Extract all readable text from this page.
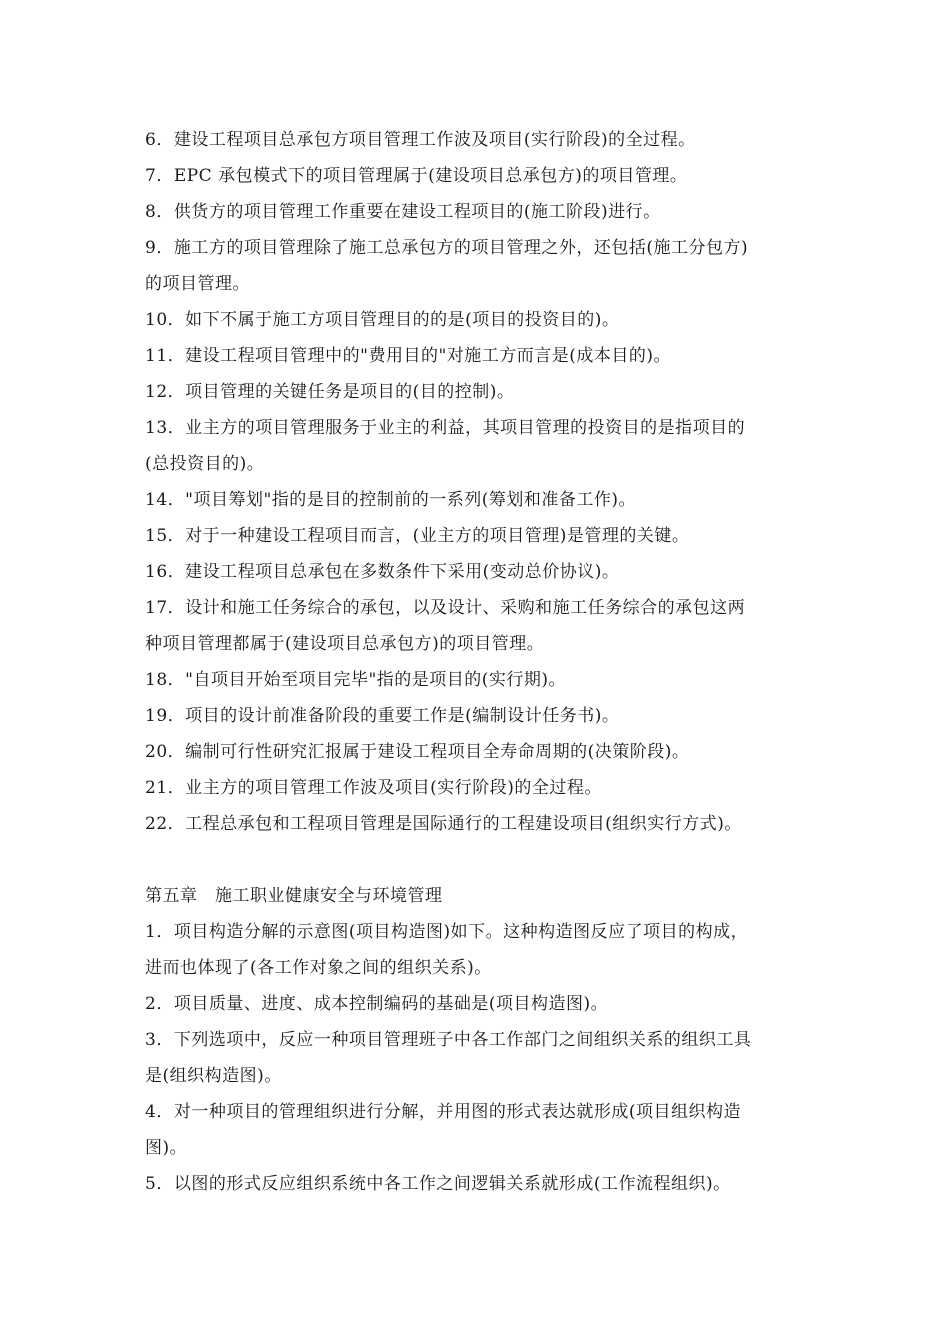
6．建设工程项目总承包方项目管理工作波及项目(实行阶段)的全过程。
7．EPC 承包模式下的项目管理属于(建设项目总承包方)的项目管理。
8．供货方的项目管理工作重要在建设工程项目的(施工阶段)进行。
9．施工方的项目管理除了施工总承包方的项目管理之外，还包括(施工分包方)
的项目管理。
10．如下不属于施工方项目管理目的的是(项目的投资目的)。
11．建设工程项目管理中的"费用目的"对施工方而言是(成本目的)。
12．项目管理的关键任务是项目的(目的控制)。
13．业主方的项目管理服务于业主的利益，其项目管理的投资目的是指项目的
(总投资目的)。
14．"项目筹划"指的是目的控制前的一系列(筹划和准备工作)。
15．对于一种建设工程项目而言，(业主方的项目管理)是管理的关键。
16．建设工程项目总承包在多数条件下采用(变动总价协议)。
17．设计和施工任务综合的承包，以及设计、采购和施工任务综合的承包这两
种项目管理都属于(建设项目总承包方)的项目管理。
18．"自项目开始至项目完毕"指的是项目的(实行期)。
19．项目的设计前准备阶段的重要工作是(编制设计任务书)。
20．编制可行性研究汇报属于建设工程项目全寿命周期的(决策阶段)。
21．业主方的项目管理工作波及项目(实行阶段)的全过程。
22．工程总承包和工程项目管理是国际通行的工程建设项目(组织实行方式)。
第五章　施工职业健康安全与环境管理
1．项目构造分解的示意图(项目构造图)如下。这种构造图反应了项目的构成，
进而也体现了(各工作对象之间的组织关系)。
2．项目质量、进度、成本控制编码的基础是(项目构造图)。
3．下列选项中，反应一种项目管理班子中各工作部门之间组织关系的组织工具
是(组织构造图)。
4．对一种项目的管理组织进行分解，并用图的形式表达就形成(项目组织构造
图)。
5．以图的形式反应组织系统中各工作之间逻辑关系就形成(工作流程组织)。
